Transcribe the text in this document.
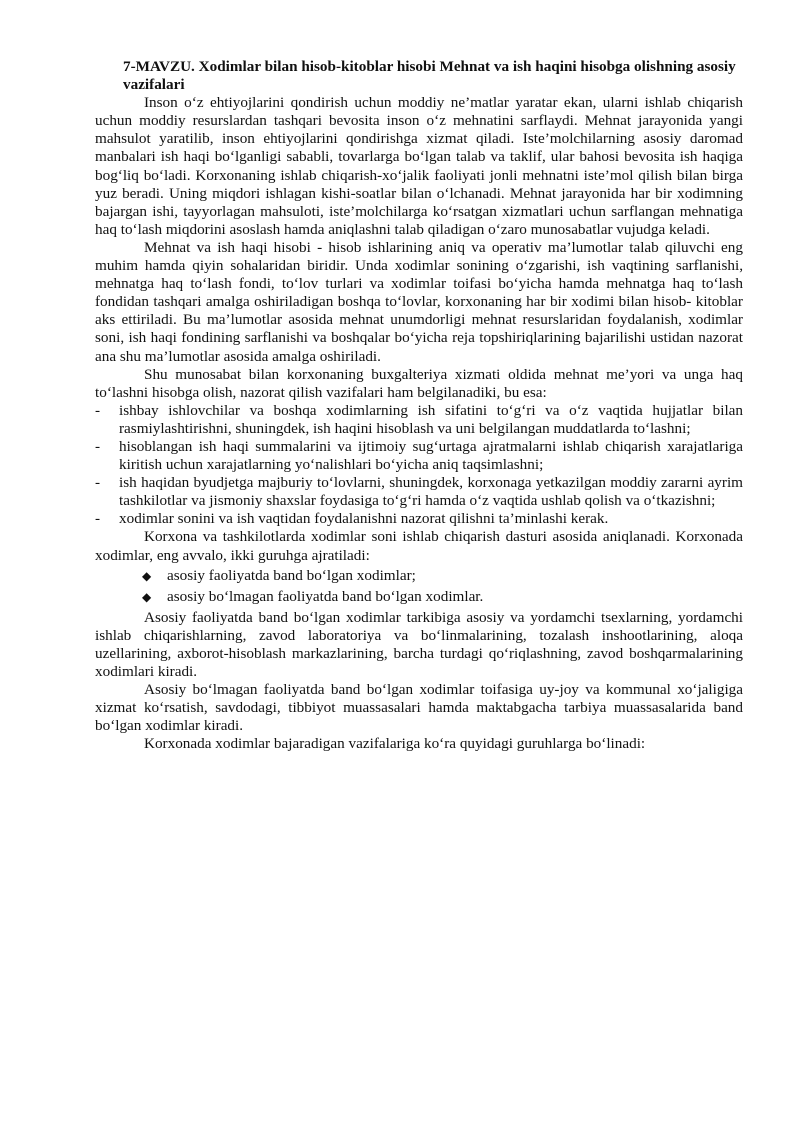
7-MAVZU. Xodimlar bilan hisob-kitoblar hisobi Mehnat va ish haqini hisobga olishning asosiy vazifalari

Inson o‘z ehtiyojlarini qondirish uchun moddiy ne’matlar yaratar ekan, ularni ishlab chiqarish uchun moddiy resurslardan tashqari bevosita inson o‘z mehnatini sarflaydi. Mehnat jarayonida yangi mahsulot yaratilib, inson ehtiyojlarini qondirishga xizmat qiladi. Iste’molchilarning asosiy daromad manbalari ish haqi bo‘lganligi sababli, tovarlarga bo‘lgan talab va taklif, ular bahosi bevosita ish haqiga bog‘liq bo‘ladi. Korxonaning ishlab chiqarish-xo‘jalik faoliyati jonli mehnatni iste’mol qilish bilan birga yuz beradi. Uning miqdori ishlagan kishi-soatlar bilan o‘lchanadi. Mehnat jarayonida har bir xodimning bajargan ishi, tayyorlagan mahsuloti, iste’molchilarga ko‘rsatgan xizmatlari uchun sarflangan mehnatiga haq to‘lash miqdorini asoslash hamda aniqlashni talab qiladigan o‘zaro munosabatlar vujudga keladi.

Mehnat va ish haqi hisobi - hisob ishlarining aniq va operativ ma’lumotlar talab qiluvchi eng muhim hamda qiyin sohalaridan biridir. Unda xodimlar sonining o‘zgarishi, ish vaqtining sarflanishi, mehnatga haq to‘lash fondi, to‘lov turlari va xodimlar toifasi bo‘yicha hamda mehnatga haq to‘lash fondidan tashqari amalga oshiriladigan boshqa to‘lovlar, korxonaning har bir xodimi bilan hisob- kitoblar aks ettiriladi. Bu ma’lumotlar asosida mehnat unumdorligi mehnat resurslaridan foydalanish, xodimlar soni, ish haqi fondining sarflanishi va boshqalar bo‘yicha reja topshiriqlarining bajarilishi ustidan nazorat ana shu ma’lumotlar asosida amalga oshiriladi.

Shu munosabat bilan korxonaning buxgalteriya xizmati oldida mehnat me’yori va unga haq to‘lashni hisobga olish, nazorat qilish vazifalari ham belgilanadiki, bu esa:

- ishbay ishlovchilar va boshqa xodimlarning ish sifatini to‘g‘ri va o‘z vaqtida hujjatlar bilan rasmiylashtirishni, shuningdek, ish haqini hisoblash va uni belgilangan muddatlarda to‘lashni;
- hisoblangan ish haqi summalarini va ijtimoiy sug‘urtaga ajratmalarni ishlab chiqarish xarajatlariga kiritish uchun xarajatlarning yo‘nalishlari bo‘yicha aniq taqsimlashni;
- ish haqidan byudjetga majburiy to‘lovlarni, shuningdek, korxonaga yetkazilgan moddiy zararni ayrim tashkilotlar va jismoniy shaxslar foydasiga to‘g‘ri hamda o‘z vaqtida ushlab qolish va o‘tkazishni;
- xodimlar sonini va ish vaqtidan foydalanishni nazorat qilishni ta’minlashi kerak.

Korxona va tashkilotlarda xodimlar soni ishlab chiqarish dasturi asosida aniqlanadi. Korxonada xodimlar, eng avvalo, ikki guruhga ajratiladi:

◆ asosiy faoliyatda band bo‘lgan xodimlar;
◆ asosiy bo‘lmagan faoliyatda band bo‘lgan xodimlar.

Asosiy faoliyatda band bo‘lgan xodimlar tarkibiga asosiy va yordamchi tsexlarning, yordamchi ishlab chiqarishlarning, zavod laboratoriya va bo‘linmalarining, tozalash inshootlarining, aloqa uzellarining, axborot-hisoblash markazlarining, barcha turdagi qo‘riqlashning, zavod boshqarmalarining xodimlari kiradi.

Asosiy bo‘lmagan faoliyatda band bo‘lgan xodimlar toifasiga uy-joy va kommunal xo‘jaligiga xizmat ko‘rsatish, savdodagi, tibbiyot muassasalari hamda maktabgacha tarbiya muassasalarida band bo‘lgan xodimlar kiradi.

Korxonada xodimlar bajaradigan vazifalariga ko‘ra quyidagi guruhlarga bo‘linadi:
